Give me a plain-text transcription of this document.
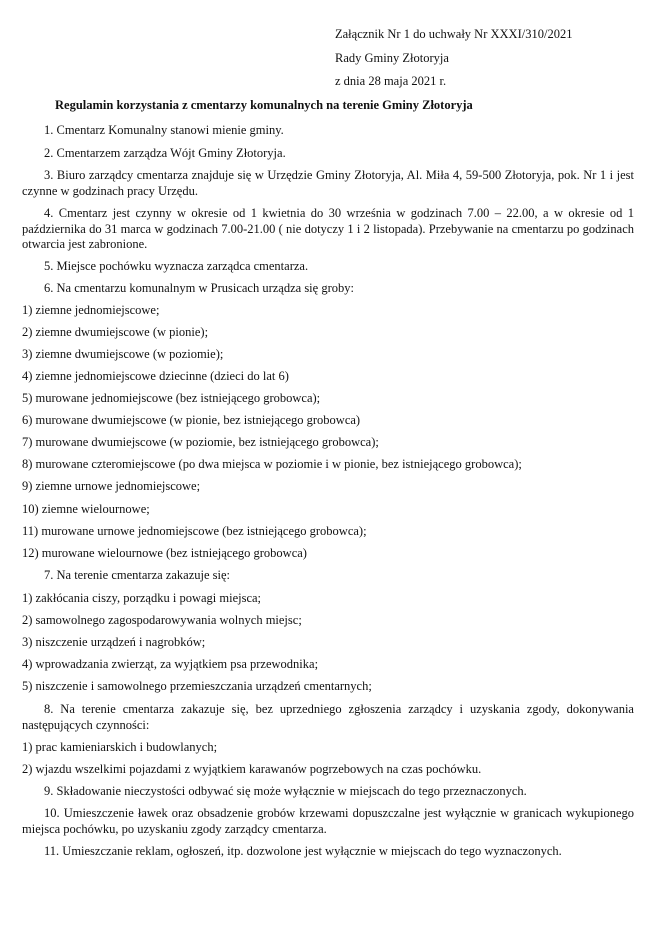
Załącznik Nr 1 do uchwały Nr XXXI/310/2021
Rady Gminy Złotoryja
z dnia 28 maja 2021 r.
Regulamin korzystania z cmentarzy komunalnych na terenie Gminy Złotoryja
1. Cmentarz Komunalny stanowi mienie gminy.
2. Cmentarzem zarządza Wójt Gminy Złotoryja.
3. Biuro zarządcy cmentarza znajduje się w Urzędzie Gminy Złotoryja, Al. Miła 4, 59-500 Złotoryja, pok. Nr 1 i jest czynne w godzinach pracy Urzędu.
4. Cmentarz jest czynny w okresie od 1 kwietnia do 30 września w godzinach 7.00 – 22.00, a w okresie od 1 października do 31 marca w godzinach 7.00-21.00 ( nie dotyczy 1 i 2 listopada). Przebywanie na cmentarzu po godzinach otwarcia jest zabronione.
5. Miejsce pochówku wyznacza zarządca cmentarza.
6. Na cmentarzu komunalnym w Prusicach urządza się groby:
1) ziemne jednomiejscowe;
2) ziemne dwumiejscowe (w pionie);
3) ziemne dwumiejscowe (w poziomie);
4) ziemne jednomiejscowe dziecinne (dzieci do lat 6)
5) murowane jednomiejscowe (bez istniejącego grobowca);
6) murowane dwumiejscowe (w pionie, bez istniejącego grobowca)
7) murowane dwumiejscowe (w poziomie, bez istniejącego grobowca);
8) murowane czteromiejscowe (po dwa miejsca w poziomie i w pionie, bez istniejącego grobowca);
9) ziemne urnowe jednomiejscowe;
10) ziemne wielournowe;
11) murowane urnowe jednomiejscowe (bez istniejącego grobowca);
12) murowane wielournowe (bez istniejącego grobowca)
7. Na terenie cmentarza zakazuje się:
1) zakłócania ciszy, porządku i powagi miejsca;
2) samowolnego zagospodarowywania wolnych miejsc;
3) niszczenie urządzeń i nagrobków;
4) wprowadzania zwierząt, za wyjątkiem psa przewodnika;
5) niszczenie i samowolnego przemieszczania urządzeń cmentarnych;
8. Na terenie cmentarza zakazuje się, bez uprzedniego zgłoszenia zarządcy i uzyskania zgody, dokonywania następujących czynności:
1) prac kamieniarskich i budowlanych;
2) wjazdu wszelkimi pojazdami z wyjątkiem karawanów pogrzebowych na czas pochówku.
9. Składowanie nieczystości odbywać się może wyłącznie w miejscach do tego przeznaczonych.
10. Umieszczenie ławek oraz obsadzenie grobów krzewami dopuszczalne jest wyłącznie w granicach wykupionego miejsca pochówku, po uzyskaniu zgody zarządcy cmentarza.
11. Umieszczanie reklam, ogłoszeń, itp. dozwolone jest wyłącznie w miejscach do tego wyznaczonych.
